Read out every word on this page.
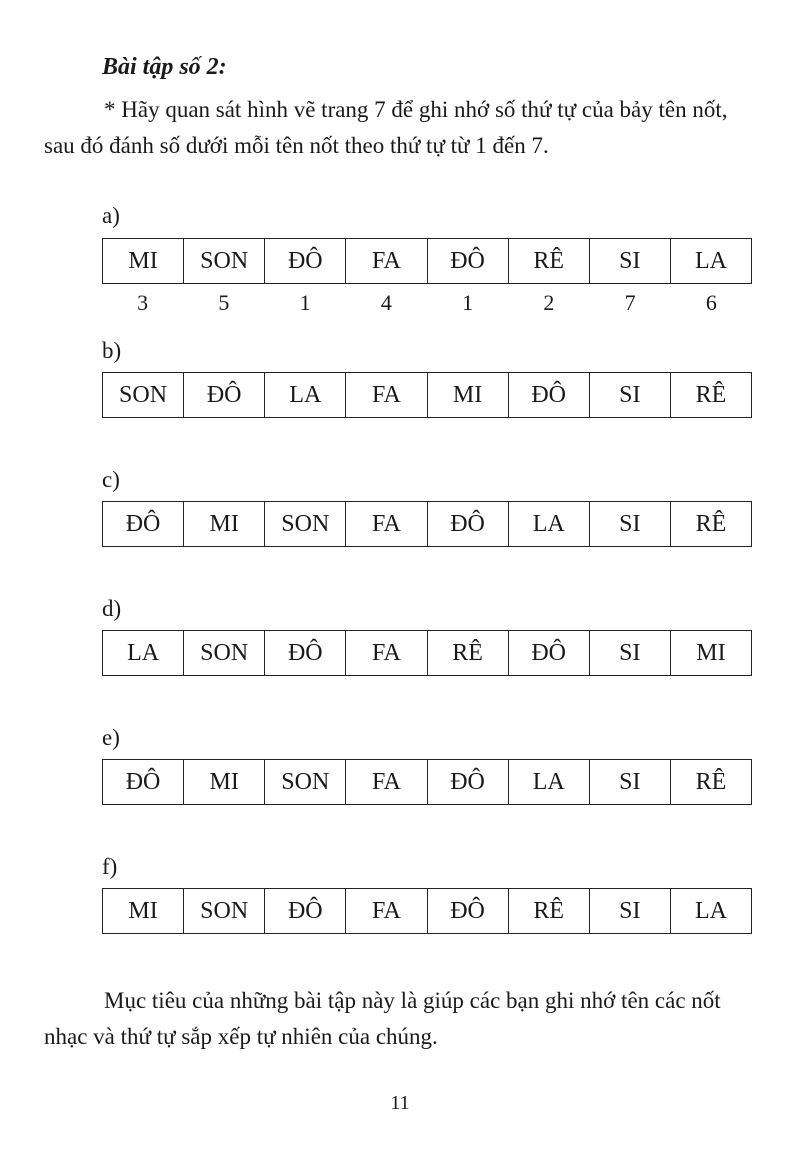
Bài tập số 2:
* Hãy quan sát hình vẽ trang 7 để ghi nhớ số thứ tự của bảy tên nốt,
sau đó đánh số dưới mỗi tên nốt theo thứ tự từ 1 đến 7.
a)
MI	SON	ĐÔ	FA	ĐÔ	RÊ	SI	LA
3	5	1	4	1	2	7	6
b)
SON	ĐÔ	LA	FA	MI	ĐÔ	SI	RÊ
c)
ĐÔ	MI	SON	FA	ĐÔ	LA	SI	RÊ
d)
LA	SON	ĐÔ	FA	RÊ	ĐÔ	SI	MI
e)
ĐÔ	MI	SON	FA	ĐÔ	LA	SI	RÊ
f)
MI	SON	ĐÔ	FA	ĐÔ	RÊ	SI	LA
Mục tiêu của những bài tập này là giúp các bạn ghi nhớ tên các nốt
nhạc và thứ tự sắp xếp tự nhiên của chúng.
11
